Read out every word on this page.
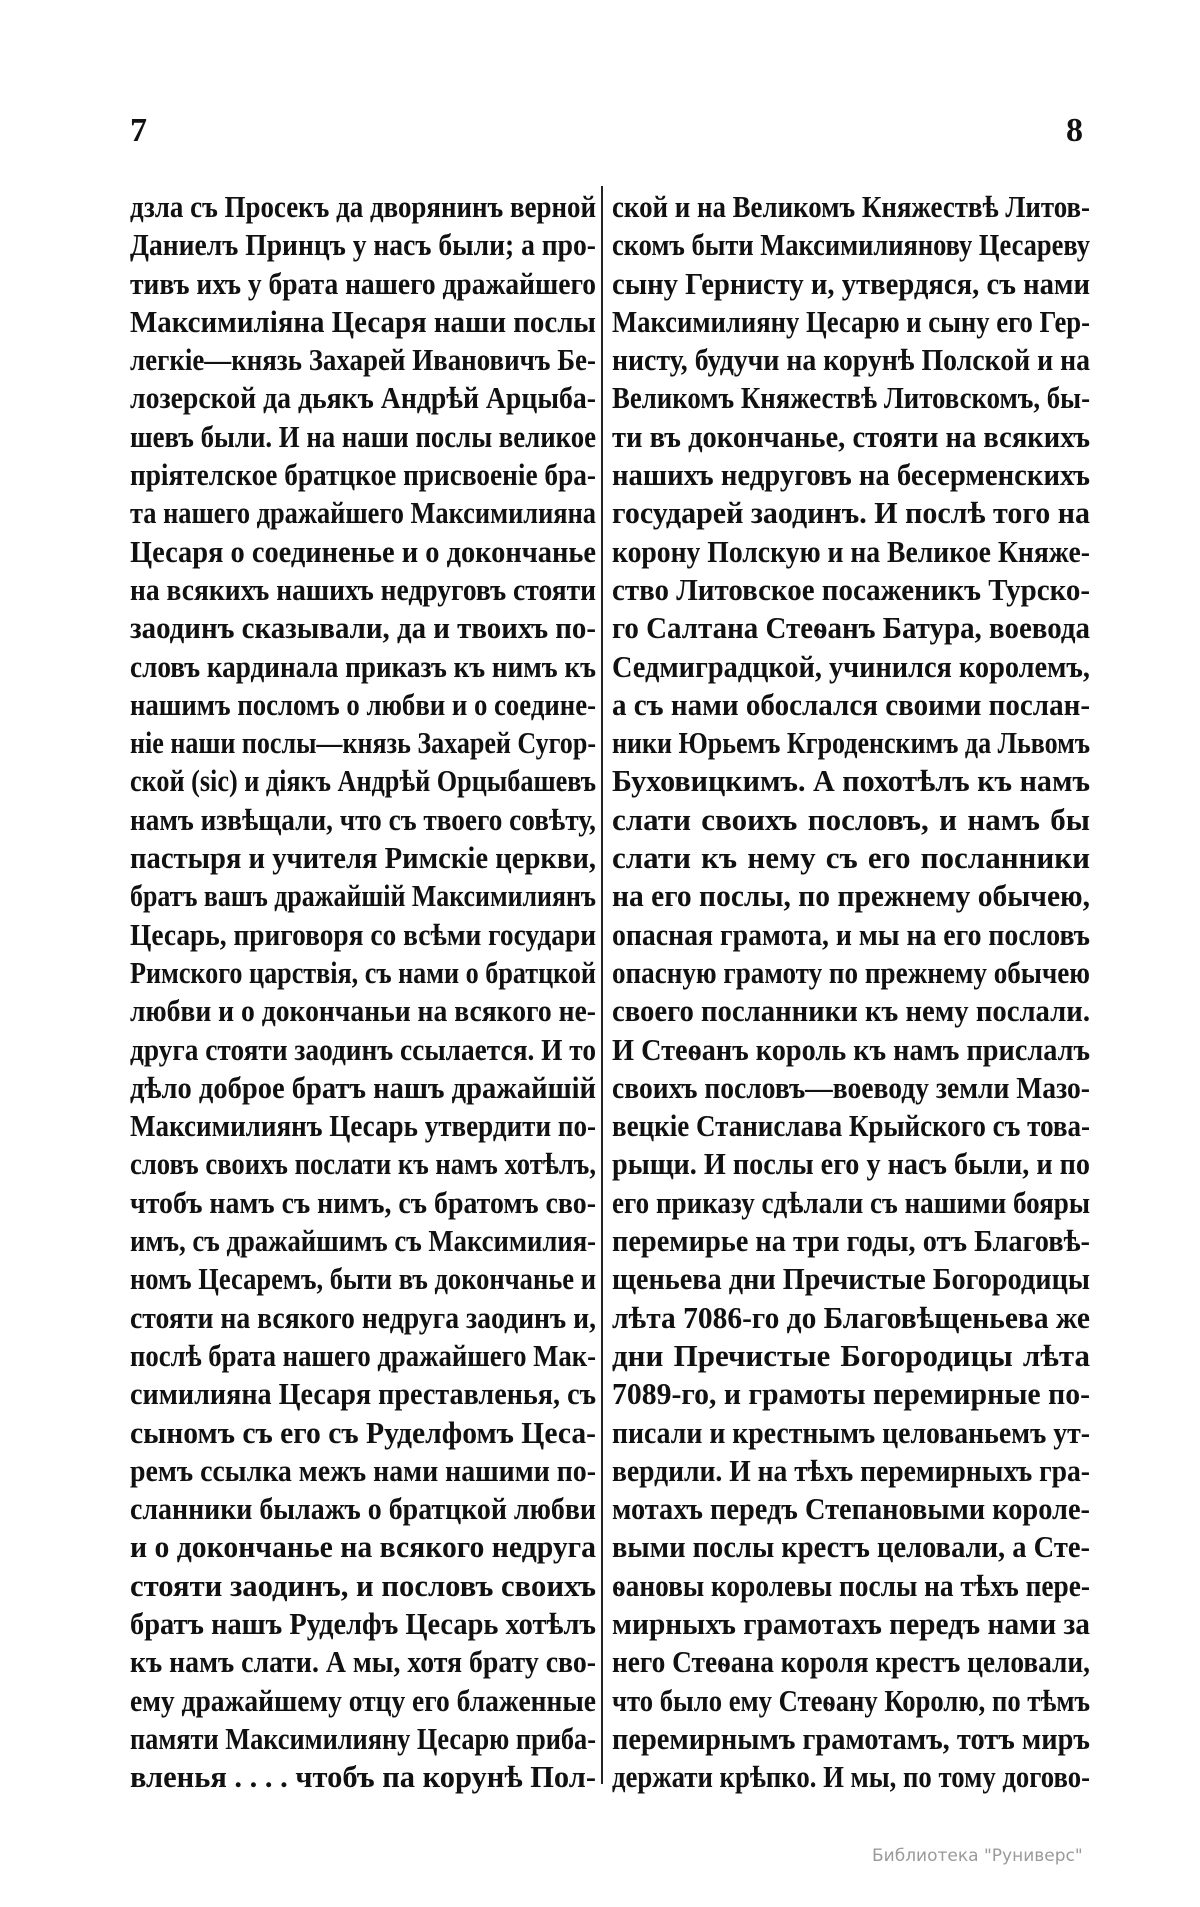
7	8
дзла съ Просекъ да дворянинъ верной
Даниелъ Принцъ у насъ были; а про-
тивъ ихъ у брата нашего дражайшего
Максимиліяна Цесаря наши послы
легкіе—князь Захарей Ивановичъ Бе-
лозерской да дьякъ Андрѣй Арцыба-
шевъ были. И на наши послы великое
пріятелское братцкое присвоеніе бра-
та нашего дражайшего Максимилияна
Цесаря о соединенье и о докончанье
на всякихъ нашихъ недруговъ стояти
заодинъ сказывали, да и твоихъ по-
словъ кардинала приказъ къ нимъ къ
нашимъ посломъ о любви и о соедине-
ніе наши послы—князь Захарей Сугор-
ской (sic) и діякъ Андрѣй Орцыбашевъ
намъ извѣщали, что съ твоего совѣту,
пастыря и учителя Римскіе церкви,
братъ вашъ дражайшій Максимилиянъ
Цесарь, приговоря со всѣми государи
Римского царствія, съ нами о братцкой
любви и о докончаньи на всякого не-
друга стояти заодинъ ссылается. И то
дѣло доброе братъ нашъ дражайшій
Максимилиянъ Цесарь утвердити по-
словъ своихъ послати къ намъ хотѣлъ,
чтобъ намъ съ нимъ, съ братомъ сво-
имъ, съ дражайшимъ съ Максимилия-
номъ Цесаремъ, быти въ докончанье и
стояти на всякого недруга заодинъ и,
послѣ брата нашего дражайшего Мак-
симилияна Цесаря преставленья, съ
сыномъ съ его съ Руделфомъ Цеса-
ремъ ссылка межъ нами нашими по-
сланники былажъ о братцкой любви
и о докончанье на всякого недруга
стояти заодинъ, и пословъ своихъ
братъ нашъ Руделфъ Цесарь хотѣлъ
къ намъ слати. А мы, хотя брату сво-
ему дражайшему отцу его блаженные
памяти Максимилияну Цесарю приба-
вленья . . . . чтобъ па корунѣ Пол-
ской и на Великомъ Княжествѣ Литов-
скомъ быти Максимилиянову Цесареву
сыну Гернисту и, утвердяся, съ нами
Максимилияну Цесарю и сыну его Гер-
нисту, будучи на корунѣ Полской и на
Великомъ Княжествѣ Литовскомъ, бы-
ти въ докончанье, стояти на всякихъ
нашихъ недруговъ на бесерменскихъ
государей заодинъ. И послѣ того на
корону Полскую и на Великое Княже-
ство Литовское посаженикъ Турско-
го Салтана Стеѳанъ Батура, воевода
Седмиградцкой, учинился королемъ,
а съ нами обослался своими послан-
ники Юрьемъ Кгроденскимъ да Львомъ
Буховицкимъ. А похотѣлъ къ намъ
слати своихъ пословъ, и намъ бы
слати къ нему съ его посланники
на его послы, по прежнему обычею,
опасная грамота, и мы на его пословъ
опасную грамоту по прежнему обычею
своего посланники къ нему послали.
И Стеѳанъ король къ намъ прислалъ
своихъ пословъ—воеводу земли Мазо-
вецкіе Станислава Крыйского съ това-
рыщи. И послы его у насъ были, и по
его приказу сдѣлали съ нашими бояры
перемирье на три годы, отъ Благовѣ-
щеньева дни Пречистые Богородицы
лѣта 7086-го до Благовѣщеньева же
дни Пречистые Богородицы лѣта
7089-го, и грамоты перемирные по-
писали и крестнымъ целованьемъ ут-
вердили. И на тѣхъ перемирныхъ гра-
мотахъ передъ Степановыми короле-
выми послы крестъ целовали, а Сте-
ѳановы королевы послы на тѣхъ пере-
мирныхъ грамотахъ передъ нами за
него Стеѳана короля крестъ целовали,
что было ему Стеѳану Королю, по тѣмъ
перемирнымъ грамотамъ, тотъ миръ
держати крѣпко. И мы, по тому догово-
Библиотека "Руниверс"
